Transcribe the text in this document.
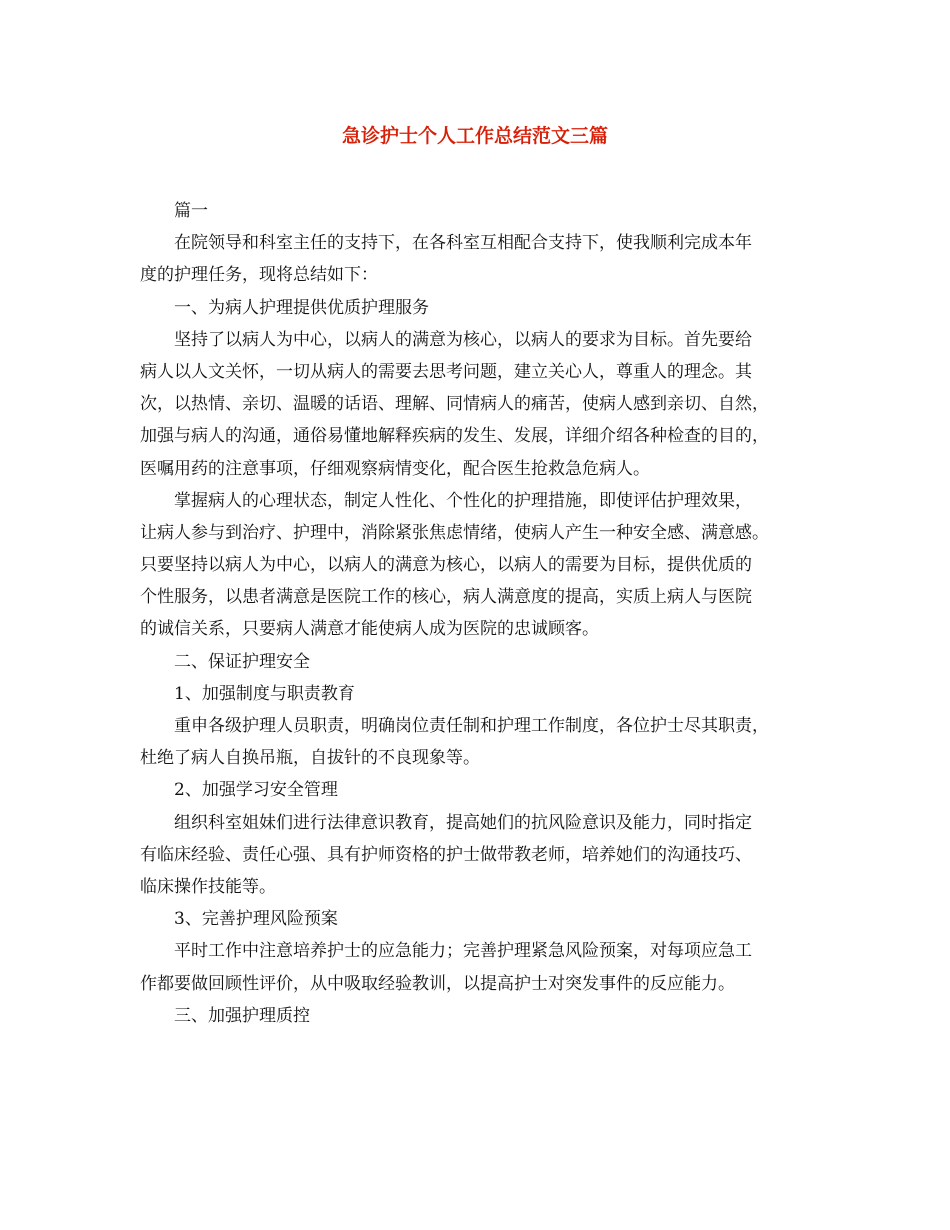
急诊护士个人工作总结范文三篇
篇一
在院领导和科室主任的支持下，在各科室互相配合支持下，使我顺利完成本年
度的护理任务，现将总结如下：
一、为病人护理提供优质护理服务
坚持了以病人为中心，以病人的满意为核心，以病人的要求为目标。首先要给
病人以人文关怀，一切从病人的需要去思考问题，建立关心人，尊重人的理念。其
次，以热情、亲切、温暖的话语、理解、同情病人的痛苦，使病人感到亲切、自然，
加强与病人的沟通，通俗易懂地解释疾病的发生、发展，详细介绍各种检查的目的，
医嘱用药的注意事项，仔细观察病情变化，配合医生抢救急危病人。
掌握病人的心理状态，制定人性化、个性化的护理措施，即使评估护理效果，
让病人参与到治疗、护理中，消除紧张焦虑情绪，使病人产生一种安全感、满意感。
只要坚持以病人为中心，以病人的满意为核心，以病人的需要为目标，提供优质的
个性服务，以患者满意是医院工作的核心，病人满意度的提高，实质上病人与医院
的诚信关系，只要病人满意才能使病人成为医院的忠诚顾客。
二、保证护理安全
1、加强制度与职责教育
重申各级护理人员职责，明确岗位责任制和护理工作制度，各位护士尽其职责，
杜绝了病人自换吊瓶，自拔针的不良现象等。
2、加强学习安全管理
组织科室姐妹们进行法律意识教育，提高她们的抗风险意识及能力，同时指定
有临床经验、责任心强、具有护师资格的护士做带教老师，培养她们的沟通技巧、
临床操作技能等。
3、完善护理风险预案
平时工作中注意培养护士的应急能力；完善护理紧急风险预案，对每项应急工
作都要做回顾性评价，从中吸取经验教训，以提高护士对突发事件的反应能力。
三、加强护理质控
